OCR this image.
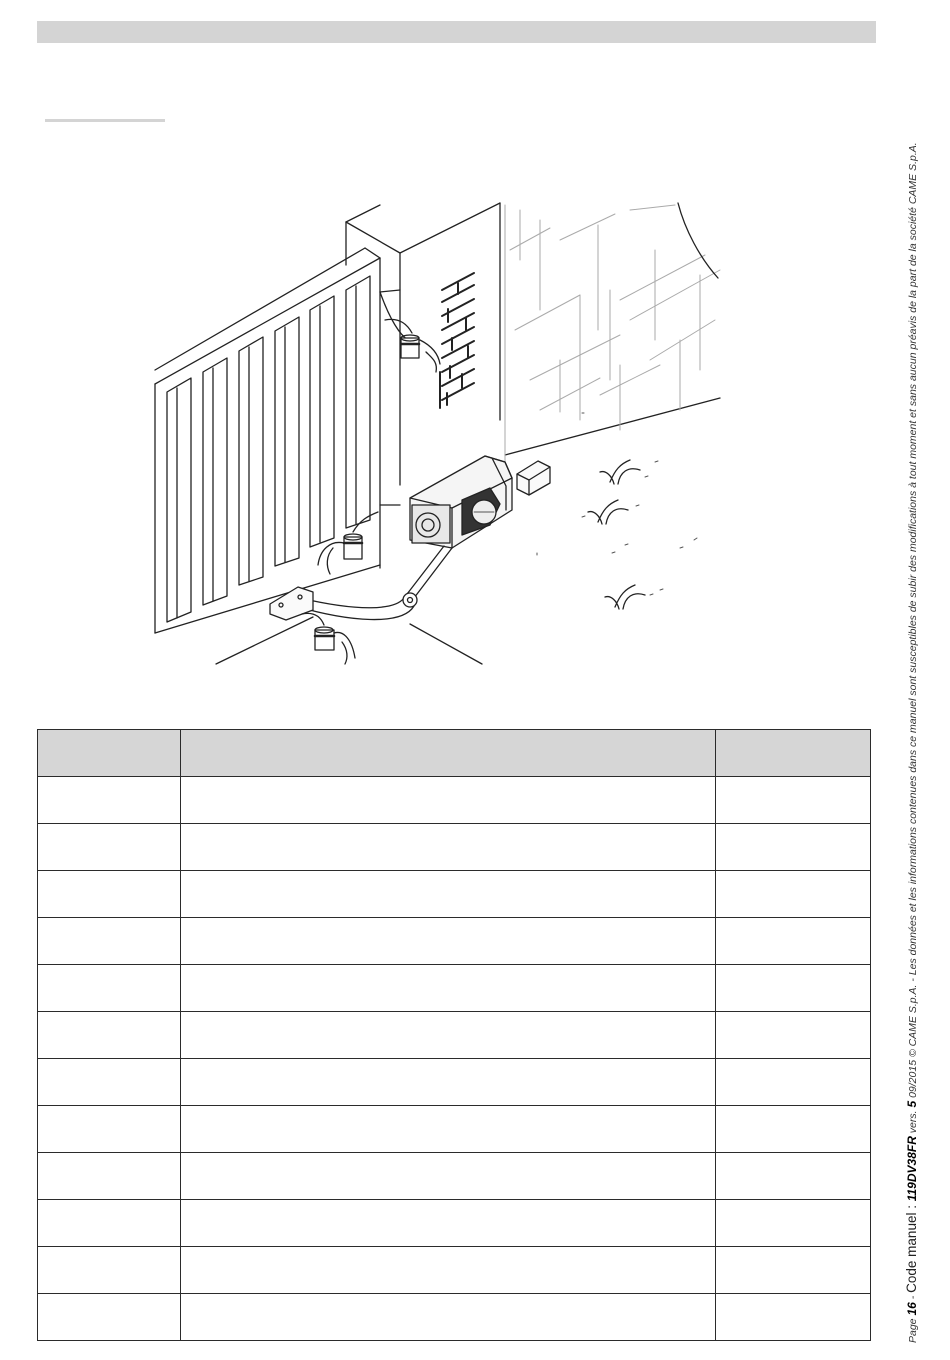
Page 16 - Code manuel : 119DV38FR vers. 5 09/2015 © CAME S.p.A. - Les données et les informations contenues dans ce manuel sont susceptibles de subir des modifications à tout moment et sans aucun préavis de la part de la société CAME S.p.A.
